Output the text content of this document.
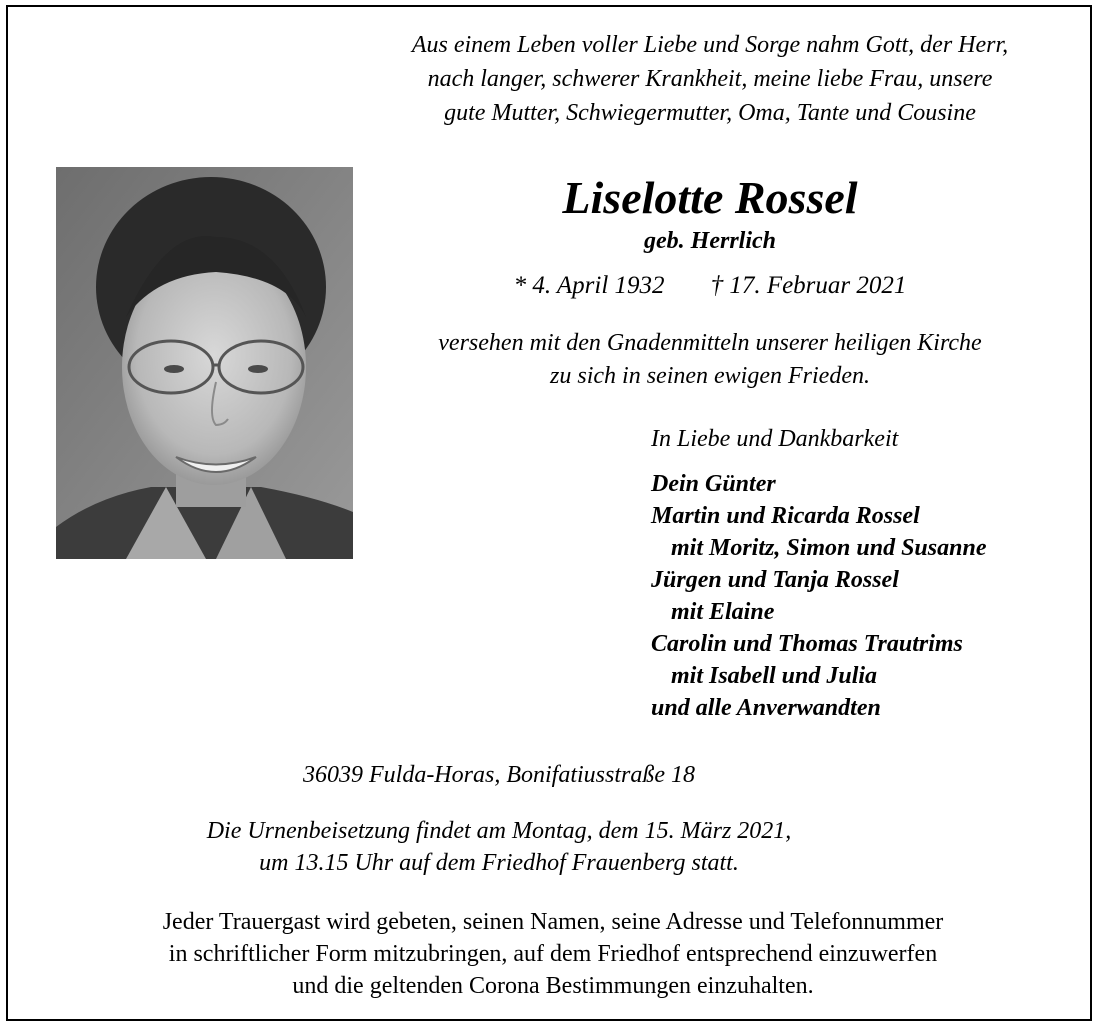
Aus einem Leben voller Liebe und Sorge nahm Gott, der Herr,
nach langer, schwerer Krankheit, meine liebe Frau, unsere
gute Mutter, Schwiegermutter, Oma, Tante und Cousine
Liselotte Rossel
geb. Herrlich
* 4. April 1932 † 17. Februar 2021
versehen mit den Gnadenmitteln unserer heiligen Kirche
zu sich in seinen ewigen Frieden.
In Liebe und Dankbarkeit
Dein Günter
Martin und Ricarda Rossel
mit Moritz, Simon und Susanne
Jürgen und Tanja Rossel
mit Elaine
Carolin und Thomas Trautrims
mit Isabell und Julia
und alle Anverwandten
36039 Fulda-Horas, Bonifatiusstraße 18
Die Urnenbeisetzung findet am Montag, dem 15. März 2021,
um 13.15 Uhr auf dem Friedhof Frauenberg statt.
Jeder Trauergast wird gebeten, seinen Namen, seine Adresse und Telefonnummer
in schriftlicher Form mitzubringen, auf dem Friedhof entsprechend einzuwerfen
und die geltenden Corona Bestimmungen einzuhalten.
